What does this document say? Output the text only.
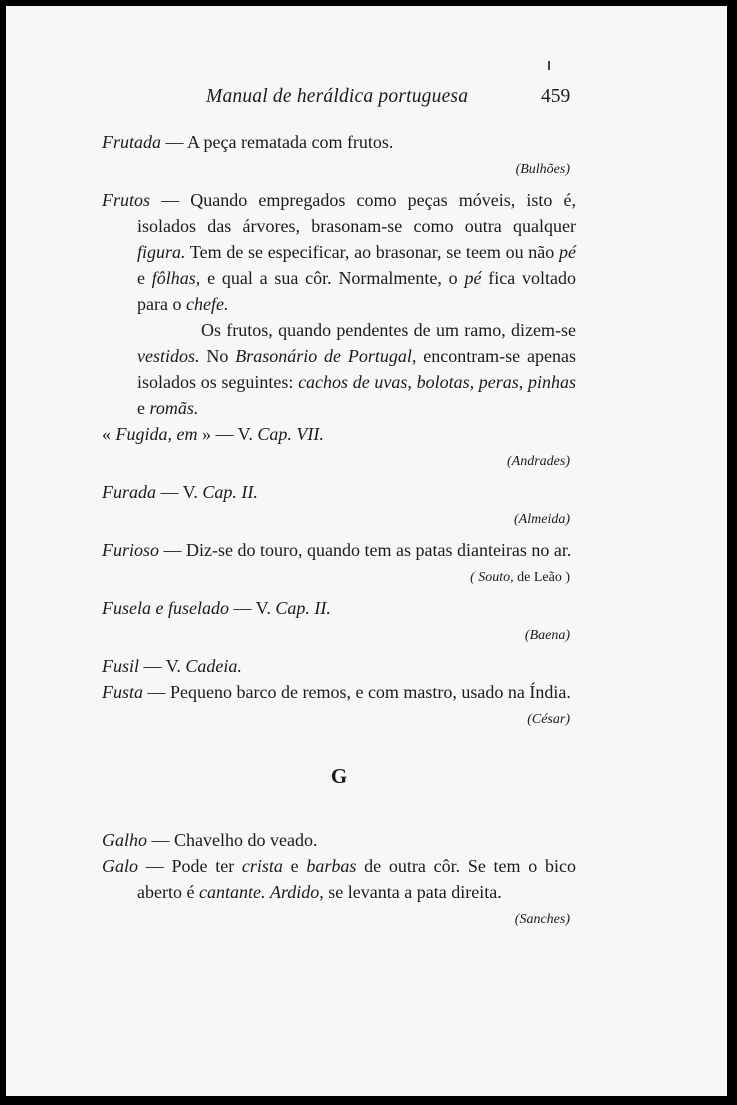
Manual de heráldica portuguesa	459

Frutada — A peça rematada com frutos.

(Bulhões)

Frutos — Quando empregados como peças móveis, isto é, isolados das árvores, brasonam-se como outra qualquer figura. Tem de se especificar, ao brasonar, se teem ou não pé e fôlhas, e qual a sua côr. Normalmente, o pé fica voltado para o chefe.

Os frutos, quando pendentes de um ramo, dizem-se vestidos. No Brasonário de Portugal, encontram-se apenas isolados os seguintes: cachos de uvas, bolotas, peras, pinhas e romãs.

« Fugida, em » — V. Cap. VII.

(Andrades)

Furada — V. Cap. II.

(Almeida)

Furioso — Diz-se do touro, quando tem as patas dianteiras no ar.

( Souto, de Leão )

Fusela e fuselado — V. Cap. II.

(Baena)

Fusil — V. Cadeia.

Fusta — Pequeno barco de remos, e com mastro, usado na Índia.

(César)
G

Galho — Chavelho do veado.

Galo — Pode ter crista e barbas de outra côr. Se tem o bico aberto é cantante. Ardido, se levanta a pata direita.

(Sanches)
